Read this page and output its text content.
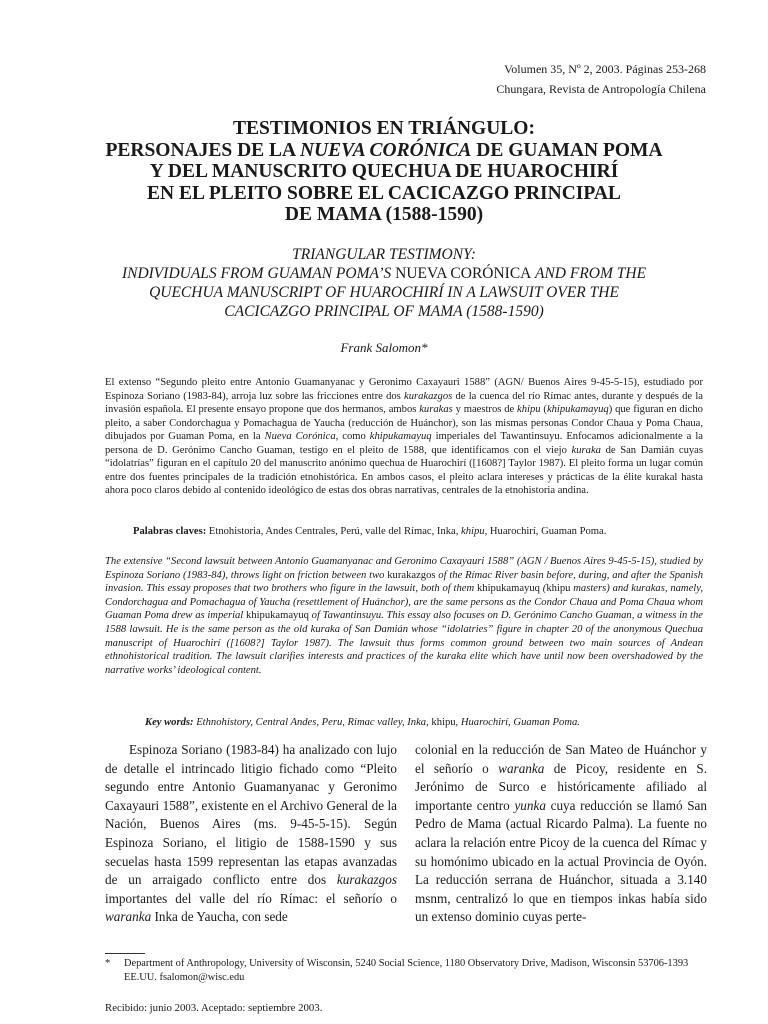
Volumen 35, Nº 2, 2003. Páginas 253-268
Chungara, Revista de Antropología Chilena
TESTIMONIOS EN TRIÁNGULO:
PERSONAJES DE LA NUEVA CORÓNICA DE GUAMAN POMA
Y DEL MANUSCRITO QUECHUA DE HUAROCHIRÍ
EN EL PLEITO SOBRE EL CACICAZGO PRINCIPAL
DE MAMA (1588-1590)
TRIANGULAR TESTIMONY:
INDIVIDUALS FROM GUAMAN POMA’S NUEVA CORÓNICA AND FROM THE
QUECHUA MANUSCRIPT OF HUAROCHIRÍ IN A LAWSUIT OVER THE
CACICAZGO PRINCIPAL OF MAMA (1588-1590)
Frank Salomon*
El extenso “Segundo pleito entre Antonio Guamanyanac y Geronimo Caxayauri 1588” (AGN/ Buenos Aires 9-45-5-15), estudiado por Espinoza Soriano (1983-84), arroja luz sobre las fricciones entre dos kurakazgos de la cuenca del río Rímac antes, durante y después de la invasión española. El presente ensayo propone que dos hermanos, ambos kurakas y maestros de khipu (khipukamayuq) que figuran en dicho pleito, a saber Condorchagua y Pomachagua de Yaucha (reducción de Huánchor), son las mismas personas Condor Chaua y Poma Chaua, dibujados por Guaman Poma, en la Nueva Corónica, como khipukamayuq imperiales del Tawantinsuyu. Enfocamos adicionalmente a la persona de D. Gerónimo Cancho Guaman, testigo en el pleito de 1588, que identificamos con el viejo kuraka de San Damián cuyas “idolatrías” figuran en el capítulo 20 del manuscrito anónimo quechua de Huarochirí ([1608?] Taylor 1987). El pleito forma un lugar común entre dos fuentes principales de la tradición etnohistórica. En ambos casos, el pleito aclara intereses y prácticas de la élite kurakal hasta ahora poco claros debido al contenido ideológico de estas dos obras narrativas, centrales de la etnohistoria andina.
Palabras claves: Etnohistoria, Andes Centrales, Perú, valle del Rímac, Inka, khipu, Huarochirí, Guaman Poma.
The extensive “Second lawsuit between Antonio Guamanyanac and Geronimo Caxayauri 1588” (AGN / Buenos Aires 9-45-5-15), studied by Espinoza Soriano (1983-84), throws light on friction between two kurakazgos of the Rímac River basin before, during, and after the Spanish invasion. This essay proposes that two brothers who figure in the lawsuit, both of them khipukamayuq (khipu masters) and kurakas, namely, Condorchagua and Pomachagua of Yaucha (resettlement of Huánchor), are the same persons as the Condor Chaua and Poma Chaua whom Guaman Poma drew as imperial khipukamayuq of Tawantinsuyu. This essay also focuses on D. Gerónimo Cancho Guaman, a witness in the 1588 lawsuit. He is the same person as the old kuraka of San Damián whose “idolatries” figure in chapter 20 of the anonymous Quechua manuscript of Huarochirí ([1608?] Taylor 1987). The lawsuit thus forms common ground between two main sources of Andean ethnohistorical tradition. The lawsuit clarifies interests and practices of the kuraka elite which have until now been overshadowed by the narrative works’ ideological content.
Key words: Ethnohistory, Central Andes, Peru, Rimac valley, Inka, khipu, Huarochirí, Guaman Poma.

Espinoza Soriano (1983-84) ha analizado con lujo de detalle el intrincado litigio fichado como “Pleito segundo entre Antonio Guamanyanac y Geronimo Caxayauri 1588”, existente en el Archivo General de la Nación, Buenos Aires (ms. 9-45-5-15). Según Espinoza Soriano, el litigio de 1588-1590 y sus secuelas hasta 1599 representan las etapas avanzadas de un arraigado conflicto entre dos kurakazgos importantes del valle del río Rímac: el señorío o waranka Inka de Yaucha, con sede

colonial en la reducción de San Mateo de Huánchor y el señorío o waranka de Picoy, residente en S. Jerónimo de Surco e históricamente afiliado al importante centro yunka cuya reducción se llamó San Pedro de Mama (actual Ricardo Palma). La fuente no aclara la relación entre Picoy de la cuenca del Rímac y su homónimo ubicado en la actual Provincia de Oyón. La reducción serrana de Huánchor, situada a 3.140 msnm, centralizó lo que en tiempos inkas había sido un extenso dominio cuyas perte-

* Department of Anthropology, University of Wisconsin, 5240 Social Science, 1180 Observatory Drive, Madison, Wisconsin 53706-1393 EE.UU. fsalomon@wisc.edu
Recibido: junio 2003. Aceptado: septiembre 2003.
